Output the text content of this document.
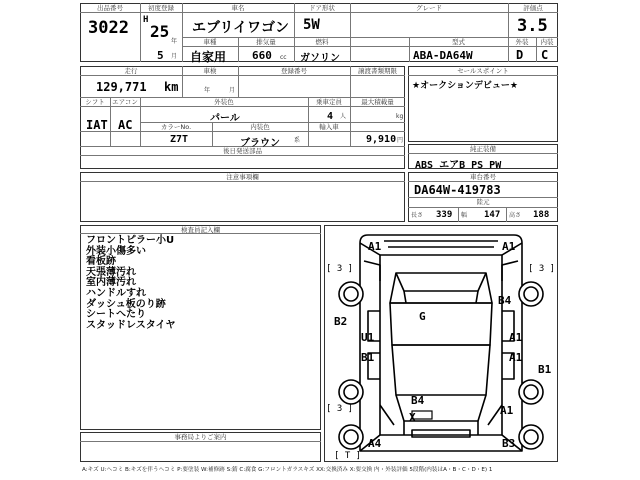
出品番号
3022
初度登録
H
25
年
5 月
車名
エブリイワゴン
ドア形状
5W
グレード	評価点
3.5
車種
自家用
排気量
660 cc
燃料
ガソリン
型式
ABA-DA64W
外装	内装
D C
走行
129,771 km
車検
年	月
登録番号	譲渡書類期限
シフト	エアコン
IAT AC
外装色
パール
乗車定員
4 人
最大積載量
kg
カラーNo.
Z7T
内装色
ブラウン 系
輸入車
9,910 円
後日発送部品
セールスポイント
★オークションデビュー★
純正装備
ABS エアB PS PW
注意事項欄	車台番号
DA64W-419783
陸元
長さ 339 幅 147 高さ 188
検査員記入欄
フロントピラー小U
外装小傷多い
看板跡
天張薄汚れ
室内薄汚れ
ハンドルすれ
ダッシュ板のり跡
シートへたり
スタッドレスタイヤ
事務局よりご案内
A1	A1
[ 3 ]	[ 3 ]
B4
B2	G
U1	A1
B1	A1
B1
B4
X
[ 3 ]	A1
[ T ]
A4	B3
A:キズ U:ヘコミ B:キズを伴うヘコミ P:要塗装 W:補修跡 S:錆 C:腐食 G:フロントガラスキズ XX:交換済み X:要交換 内・外装評価 5段階(内装はA・B・C・D・E) 1
